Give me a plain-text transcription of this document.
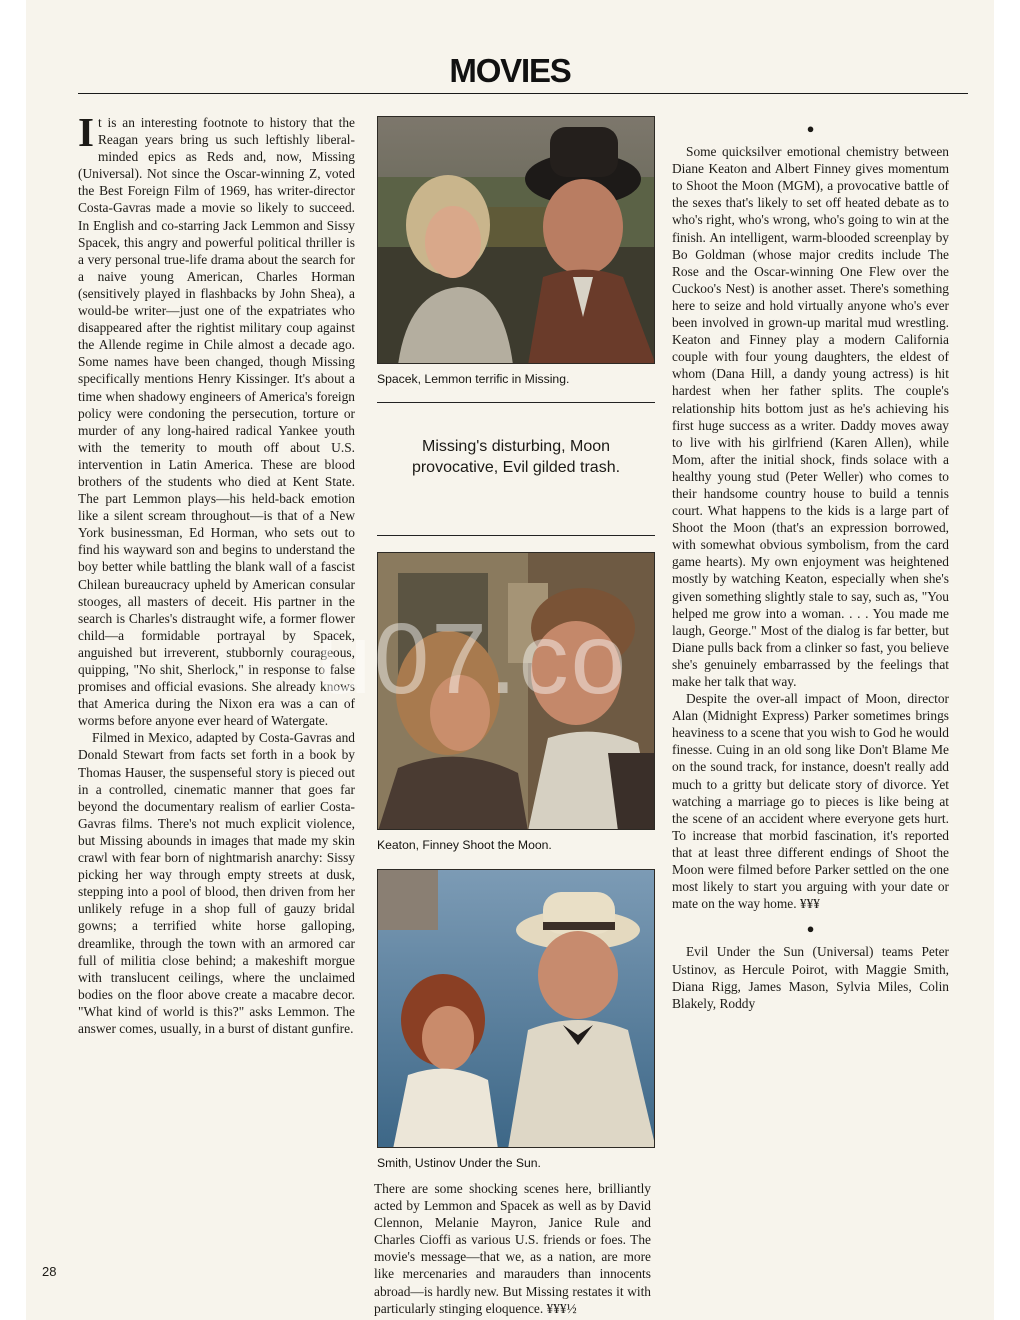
MOVIES

It is an interesting footnote to history that the Reagan years bring us such leftishly liberal-minded epics as Reds and, now, Missing (Universal). Not since the Oscar-winning Z, voted the Best Foreign Film of 1969, has writer-director Costa-Gavras made a movie so likely to succeed. In English and co-starring Jack Lemmon and Sissy Spacek, this angry and powerful political thriller is a very personal true-life drama about the search for a naive young American, Charles Horman (sensitively played in flashbacks by John Shea), a would-be writer—just one of the expatriates who disappeared after the rightist military coup against the Allende regime in Chile almost a decade ago. Some names have been changed, though Missing specifically mentions Henry Kissinger. It's about a time when shadowy engineers of America's foreign policy were condoning the persecution, torture or murder of any long-haired radical Yankee youth with the temerity to mouth off about U.S. intervention in Latin America. These are blood brothers of the students who died at Kent State. The part Lemmon plays—his held-back emotion like a silent scream throughout—is that of a New York businessman, Ed Horman, who sets out to find his wayward son and begins to understand the boy better while battling the blank wall of a fascist Chilean bureaucracy upheld by American consular stooges, all masters of deceit. His partner in the search is Charles's distraught wife, a former flower child—a formidable portrayal by Spacek, anguished but irreverent, stubbornly courageous, quipping, "No shit, Sherlock," in response to false promises and official evasions. She already knows that America during the Nixon era was a can of worms before anyone ever heard of Watergate.

Filmed in Mexico, adapted by Costa-Gavras and Donald Stewart from facts set forth in a book by Thomas Hauser, the suspenseful story is pieced out in a controlled, cinematic manner that goes far beyond the documentary realism of earlier Costa-Gavras films. There's not much explicit violence, but Missing abounds in images that made my skin crawl with fear born of nightmarish anarchy: Sissy picking her way through empty streets at dusk, stepping into a pool of blood, then driven from her unlikely refuge in a shop full of gauzy bridal gowns; a terrified white horse galloping, dreamlike, through the town with an armored car full of militia close behind; a makeshift morgue with translucent ceilings, where the unclaimed bodies on the floor above create a macabre decor. "What kind of world is this?" asks Lemmon. The answer comes, usually, in a burst of distant gunfire.

Spacek, Lemmon terrific in Missing.
Missing's disturbing, Moon provocative, Evil gilded trash.
Keaton, Finney Shoot the Moon.
Smith, Ustinov Under the Sun.

There are some shocking scenes here, brilliantly acted by Lemmon and Spacek as well as by David Clennon, Melanie Mayron, Janice Rule and Charles Cioffi as various U.S. friends or foes. The movie's message—that we, as a nation, are more like mercenaries and marauders than innocents abroad—is hardly new. But Missing restates it with particularly stinging eloquence. ¥¥¥½

●

Some quicksilver emotional chemistry between Diane Keaton and Albert Finney gives momentum to Shoot the Moon (MGM), a provocative battle of the sexes that's likely to set off heated debate as to who's right, who's wrong, who's going to win at the finish. An intelligent, warm-blooded screenplay by Bo Goldman (whose major credits include The Rose and the Oscar-winning One Flew over the Cuckoo's Nest) is another asset. There's something here to seize and hold virtually anyone who's ever been involved in grown-up marital mud wrestling. Keaton and Finney play a modern California couple with four young daughters, the eldest of whom (Dana Hill, a dandy young actress) is hit hardest when her father splits. The couple's relationship hits bottom just as he's achieving his first huge success as a writer. Daddy moves away to live with his girlfriend (Karen Allen), while Mom, after the initial shock, finds solace with a healthy young stud (Peter Weller) who comes to their handsome country house to build a tennis court. What happens to the kids is a large part of Shoot the Moon (that's an expression borrowed, with somewhat obvious symbolism, from the card game hearts). My own enjoyment was heightened mostly by watching Keaton, especially when she's given something slightly stale to say, such as, "You helped me grow into a woman. . . . You made me laugh, George." Most of the dialog is far better, but Diane pulls back from a clinker so fast, you believe she's genuinely embarrassed by the feelings that make her talk that way.

Despite the over-all impact of Moon, director Alan (Midnight Express) Parker sometimes brings heaviness to a scene that you wish to God he would finesse. Cuing in an old song like Don't Blame Me on the sound track, for instance, doesn't really add much to a gritty but delicate story of divorce. Yet watching a marriage go to pieces is like being at the scene of an accident where everyone gets hurt. To increase that morbid fascination, it's reported that at least three different endings of Shoot the Moon were filmed before Parker settled on the one most likely to start you arguing with your date or mate on the way home. ¥¥¥

●

Evil Under the Sun (Universal) teams Peter Ustinov, as Hercule Poirot, with Maggie Smith, Diana Rigg, James Mason, Sylvia Miles, Colin Blakely, Roddy

28
u07.co
